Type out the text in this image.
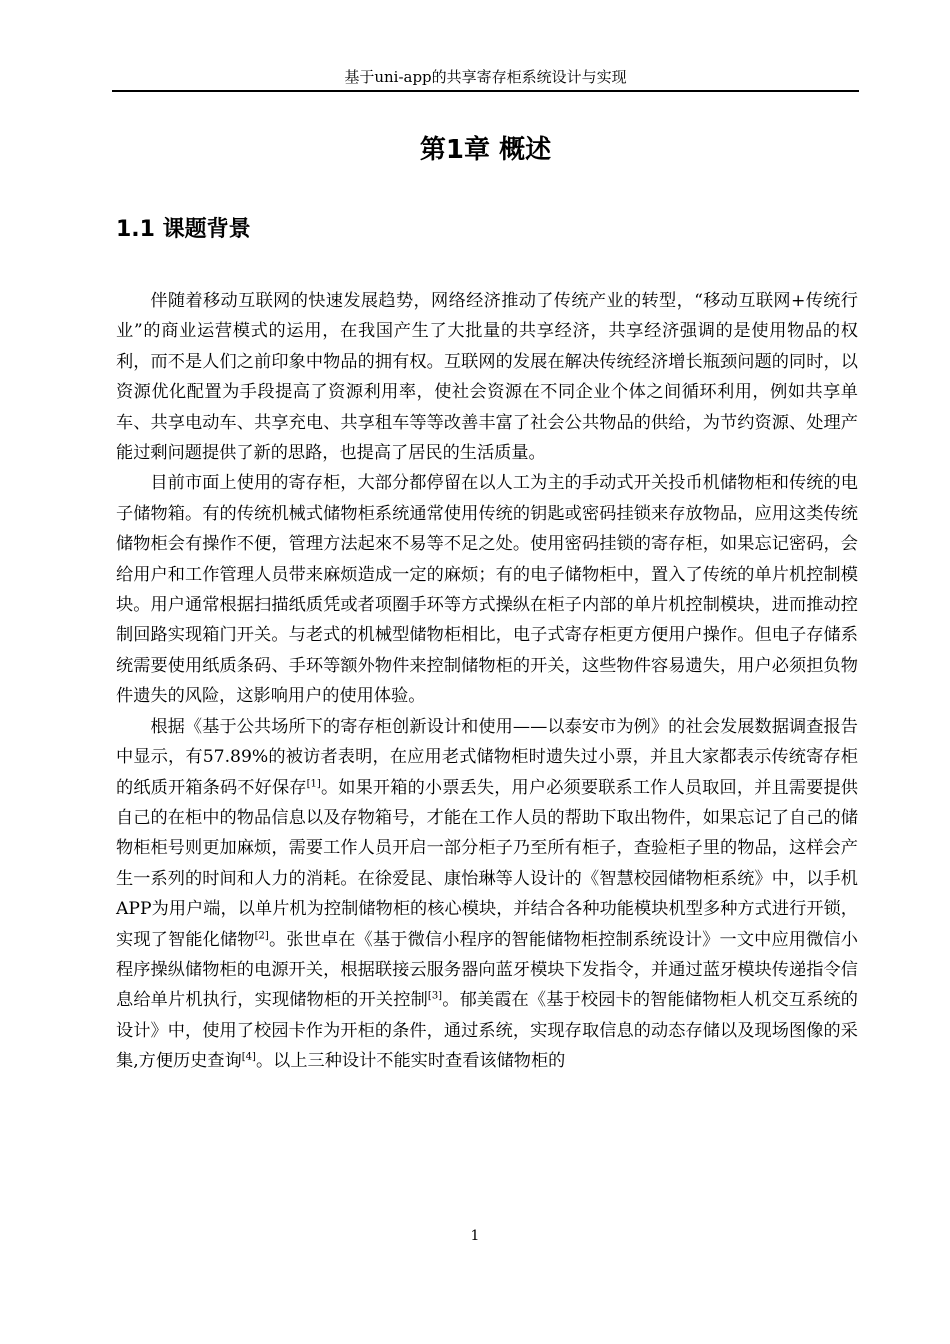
基于uni-app的共享寄存柜系统设计与实现
第1章 概述
1.1 课题背景

伴随着移动互联网的快速发展趋势，网络经济推动了传统产业的转型，“移动互联网+传统行业”的商业运营模式的运用，在我国产生了大批量的共享经济，共享经济强调的是使用物品的权利，而不是人们之前印象中物品的拥有权。互联网的发展在解决传统经济增长瓶颈问题的同时，以资源优化配置为手段提高了资源利用率，使社会资源在不同企业个体之间循环利用，例如共享单车、共享电动车、共享充电、共享租车等等改善丰富了社会公共物品的供给，为节约资源、处理产能过剩问题提供了新的思路，也提高了居民的生活质量。

目前市面上使用的寄存柜，大部分都停留在以人工为主的手动式开关投币机储物柜和传统的电子储物箱。有的传统机械式储物柜系统通常使用传统的钥匙或密码挂锁来存放物品，应用这类传统储物柜会有操作不便，管理方法起來不易等不足之处。使用密码挂锁的寄存柜，如果忘记密码，会给用户和工作管理人员带来麻烦造成一定的麻烦；有的电子储物柜中，置入了传统的单片机控制模块。用户通常根据扫描纸质凭或者项圈手环等方式操纵在柜子内部的单片机控制模块，进而推动控制回路实现箱门开关。与老式的机械型储物柜相比，电子式寄存柜更方便用户操作。但电子存储系统需要使用纸质条码、手环等额外物件来控制储物柜的开关，这些物件容易遗失，用户必须担负物件遗失的风险，这影响用户的使用体验。

根据《基于公共场所下的寄存柜创新设计和使用——以泰安市为例》的社会发展数据调查报告中显示，有57.89%的被访者表明，在应用老式储物柜时遗失过小票，并且大家都表示传统寄存柜的纸质开箱条码不好保存[1]。如果开箱的小票丢失，用户必须要联系工作人员取回，并且需要提供自己的在柜中的物品信息以及存物箱号，才能在工作人员的帮助下取出物件，如果忘记了自己的储物柜柜号则更加麻烦，需要工作人员开启一部分柜子乃至所有柜子，查验柜子里的物品，这样会产生一系列的时间和人力的消耗。在徐爱昆、康怡琳等人设计的《智慧校园储物柜系统》中，以手机APP为用户端，以单片机为控制储物柜的核心模块，并结合各种功能模块机型多种方式进行开锁，实现了智能化储物[2]。张世卓在《基于微信小程序的智能储物柜控制系统设计》一文中应用微信小程序操纵储物柜的电源开关，根据联接云服务器向蓝牙模块下发指令，并通过蓝牙模块传递指令信息给单片机执行，实现储物柜的开关控制[3]。郁美霞在《基于校园卡的智能储物柜人机交互系统的设计》中，使用了校园卡作为开柜的条件，通过系统，实现存取信息的动态存储以及现场图像的采集,方便历史查询[4]。以上三种设计不能实时查看该储物柜的

1
